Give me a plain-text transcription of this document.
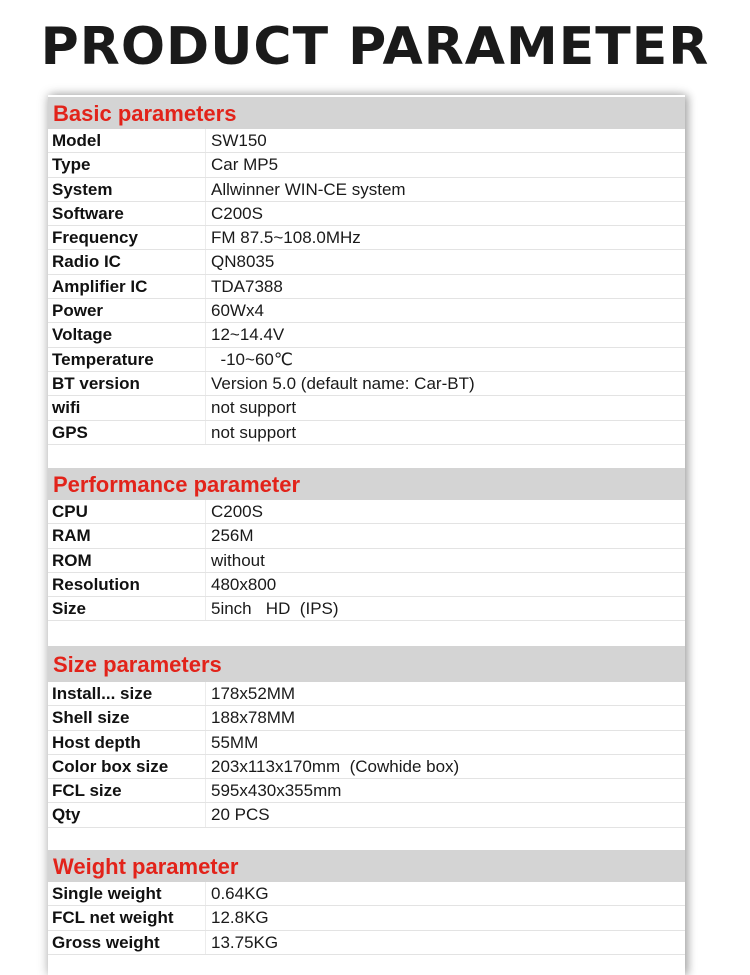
PRODUCT PARAMETER
Basic parameters
Model	SW150
Type	Car MP5
System	Allwinner WIN-CE system
Software	C200S
Frequency	FM 87.5~108.0MHz
Radio IC	QN8035
Amplifier IC	TDA7388
Power	60Wx4
Voltage	12~14.4V
Temperature	-10~60℃
BT version	Version 5.0 (default name: Car-BT)
wifi	not support
GPS	not support
Performance parameter
CPU	C200S
RAM	256M
ROM	without
Resolution	480x800
Size	5inch   HD  (IPS)
Size parameters
Install... size	178x52MM
Shell size	188x78MM
Host depth	55MM
Color box size	203x113x170mm  (Cowhide box)
FCL size	595x430x355mm
Qty	20 PCS
Weight parameter
Single weight	0.64KG
FCL net weight	12.8KG
Gross weight	13.75KG
